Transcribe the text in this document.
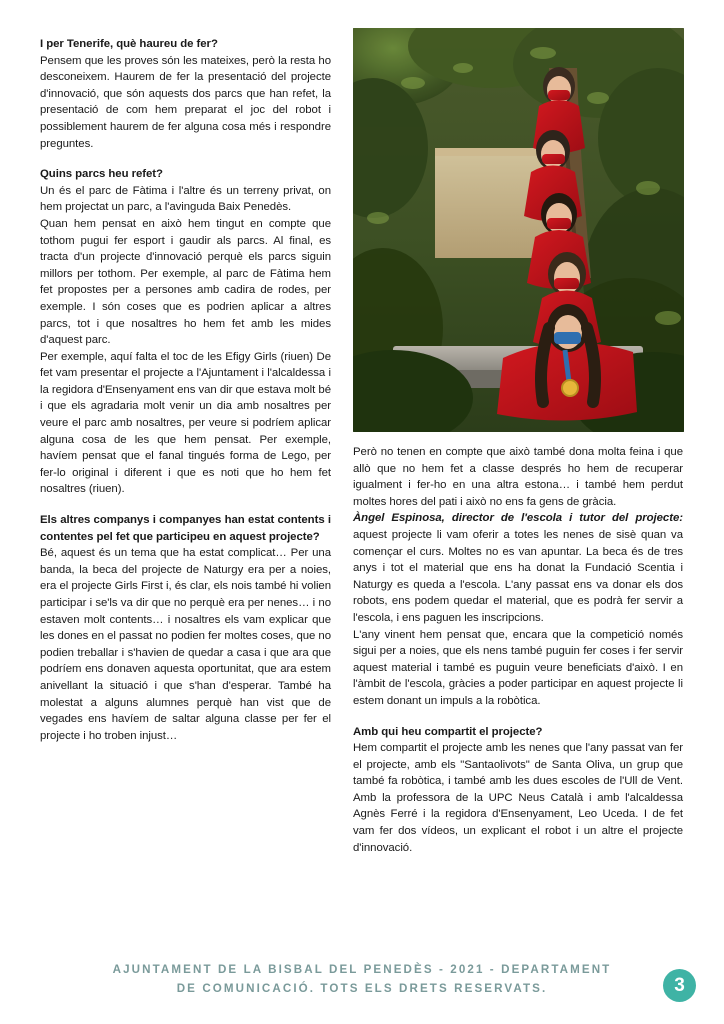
I per Tenerife, què haureu de fer?

Pensem que les proves són les mateixes, però la resta ho desconeixem. Haurem de fer la presentació del projecte d'innovació, que són aquests dos parcs que han refet, la presentació de com hem preparat el joc del robot i possiblement haurem de fer alguna cosa més i respondre preguntes.

Quins parcs heu refet?

Un és el parc de Fàtima i l'altre és un terreny privat, on hem projectat un parc, a l'avinguda Baix Penedès.

Quan hem pensat en això hem tingut en compte que tothom pugui fer esport i gaudir als parcs. Al final, es tracta d'un projecte d'innovació perquè els parcs siguin millors per tothom. Per exemple, al parc de Fàtima hem fet propostes per a persones amb cadira de rodes, per exemple. I són coses que es podrien aplicar a altres parcs, tot i que nosaltres ho hem fet amb les mides d'aquest parc.

Per exemple, aquí falta el toc de les Efigy Girls (riuen) De fet vam presentar el projecte a l'Ajuntament i l'alcaldessa i la regidora d'Ensenyament ens van dir que estava molt bé i que els agradaria molt venir un dia amb nosaltres per veure el parc amb nosaltres, per veure si podríem aplicar alguna cosa de les que hem pensat. Per exemple, havíem pensat que el fanal tingués forma de Lego, per fer-lo original i diferent i que es noti que ho hem fet nosaltres (riuen).

Els altres companys i companyes han estat contents i contentes pel fet que participeu en aquest projecte?

Bé, aquest és un tema que ha estat complicat… Per una banda, la beca del projecte de Naturgy era per a noies, era el projecte Girls First i, és clar, els nois també hi volien participar i se'ls va dir que no perquè era per nenes… i no estaven molt contents… i nosaltres els vam explicar que les dones en el passat no podien fer moltes coses, que no podien treballar i s'havien de quedar a casa i que ara que podríem ens donaven aquesta oportunitat, que ara estem anivellant la situació i que s'han d'esperar. També ha molestat a alguns alumnes perquè han vist que de vegades ens havíem de saltar alguna classe per fer el projecte i ho troben injust…

Però no tenen en compte que això també dona molta feina i que allò que no hem fet a classe després ho hem de recuperar igualment i fer-ho en una altra estona… i també hem perdut moltes hores del pati i això no ens fa gens de gràcia.

Àngel Espinosa, director de l'escola i tutor del projecte: aquest projecte li vam oferir a totes les nenes de sisè quan va començar el curs. Moltes no es van apuntar. La beca és de tres anys i tot el material que ens ha donat la Fundació Scentia i Naturgy es queda a l'escola. L'any passat ens va donar els dos robots, ens podem quedar el material, que es podrà fer servir a l'escola, i ens paguen les inscripcions.

L'any vinent hem pensat que, encara que la competició només sigui per a noies, que els nens també puguin fer coses i fer servir aquest material i també es puguin veure beneficiats d'això. I en l'àmbit de l'escola, gràcies a poder participar en aquest projecte li estem donant un impuls a la robòtica.

Amb qui heu compartit el projecte?

Hem compartit el projecte amb les nenes que l'any passat van fer el projecte, amb els "Santaolivots" de Santa Oliva, un grup que també fa robòtica, i també amb les dues escoles de l'Ull de Vent. Amb la professora de la UPC Neus Català i amb l'alcaldessa Agnès Ferré i la regidora d'Ensenyament, Leo Uceda. I de fet vam fer dos vídeos, un explicant el robot i un altre el projecte d'innovació.

AJUNTAMENT DE LA BISBAL DEL PENEDÈS - 2021 - DEPARTAMENT
DE COMUNICACIÓ. TOTS ELS DRETS RESERVATS.	3
